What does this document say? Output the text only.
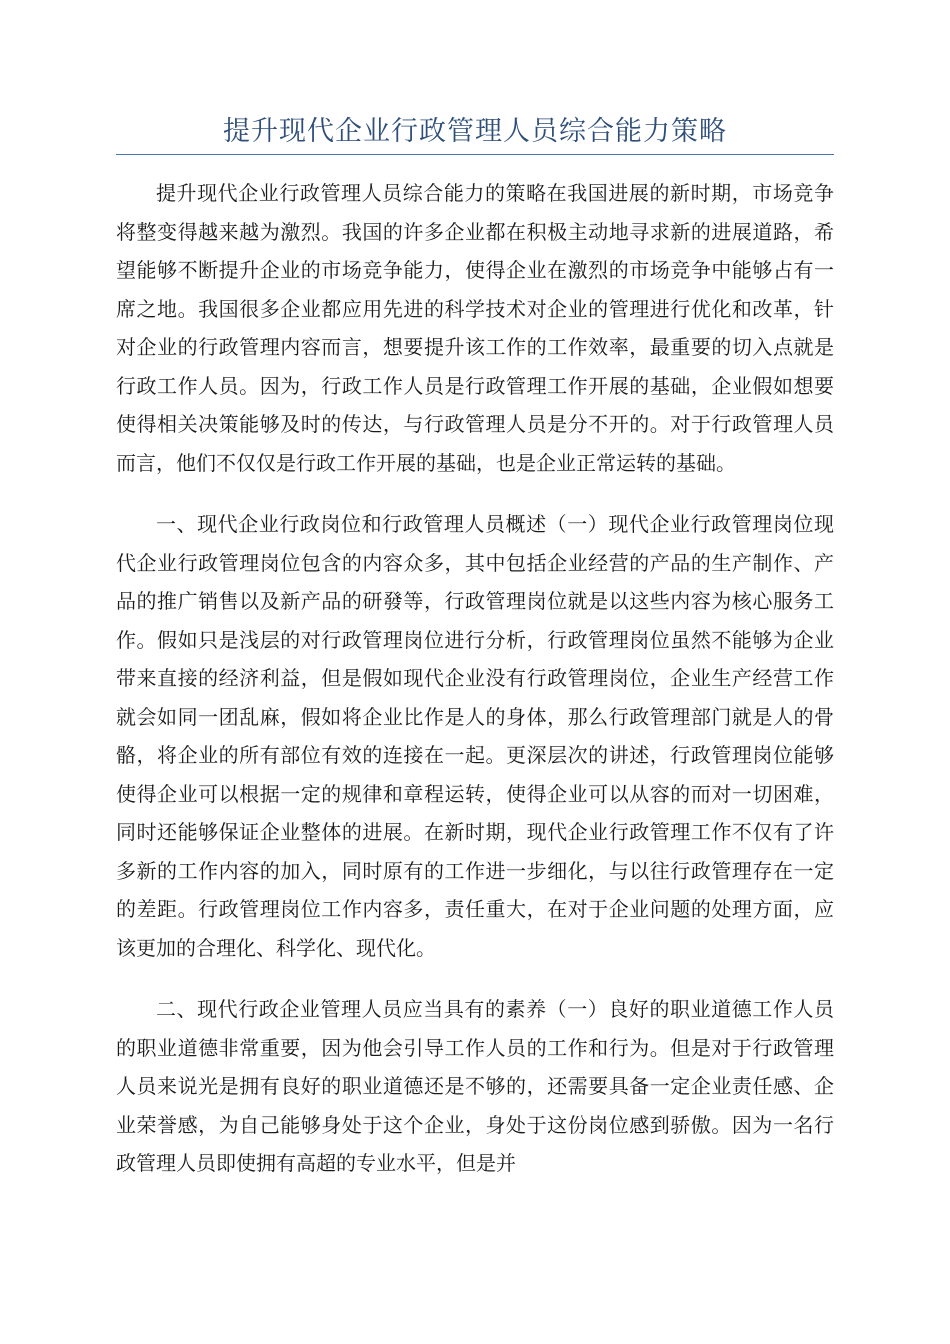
提升现代企业行政管理人员综合能力策略

提升现代企业行政管理人员综合能力的策略在我国进展的新时期，市场竞争将整变得越来越为激烈。我国的许多企业都在积极主动地寻求新的进展道路，希望能够不断提升企业的市场竞争能力，使得企业在激烈的市场竞争中能够占有一席之地。我国很多企业都应用先进的科学技术对企业的管理进行优化和改革，针对企业的行政管理内容而言，想要提升该工作的工作效率，最重要的切入点就是行政工作人员。因为，行政工作人员是行政管理工作开展的基础，企业假如想要使得相关决策能够及时的传达，与行政管理人员是分不开的。对于行政管理人员而言，他们不仅仅是行政工作开展的基础，也是企业正常运转的基础。

一、现代企业行政岗位和行政管理人员概述（一）现代企业行政管理岗位现代企业行政管理岗位包含的内容众多，其中包括企业经营的产品的生产制作、产品的推广销售以及新产品的研發等，行政管理岗位就是以这些内容为核心服务工作。假如只是浅层的对行政管理岗位进行分析，行政管理岗位虽然不能够为企业带来直接的经济利益，但是假如现代企业没有行政管理岗位，企业生产经营工作就会如同一团乱麻，假如将企业比作是人的身体，那么行政管理部门就是人的骨骼，将企业的所有部位有效的连接在一起。更深层次的讲述，行政管理岗位能够使得企业可以根据一定的规律和章程运转，使得企业可以从容的而对一切困难，同时还能够保证企业整体的进展。在新时期，现代企业行政管理工作不仅有了许多新的工作内容的加入，同时原有的工作进一步细化，与以往行政管理存在一定的差距。行政管理岗位工作内容多，责任重大，在对于企业问题的处理方面，应该更加的合理化、科学化、现代化。

二、现代行政企业管理人员应当具有的素养（一）良好的职业道德工作人员的职业道德非常重要，因为他会引导工作人员的工作和行为。但是对于行政管理人员来说光是拥有良好的职业道德还是不够的，还需要具备一定企业责任感、企业荣誉感，为自己能够身处于这个企业，身处于这份岗位感到骄傲。因为一名行政管理人员即使拥有高超的专业水平，但是并
